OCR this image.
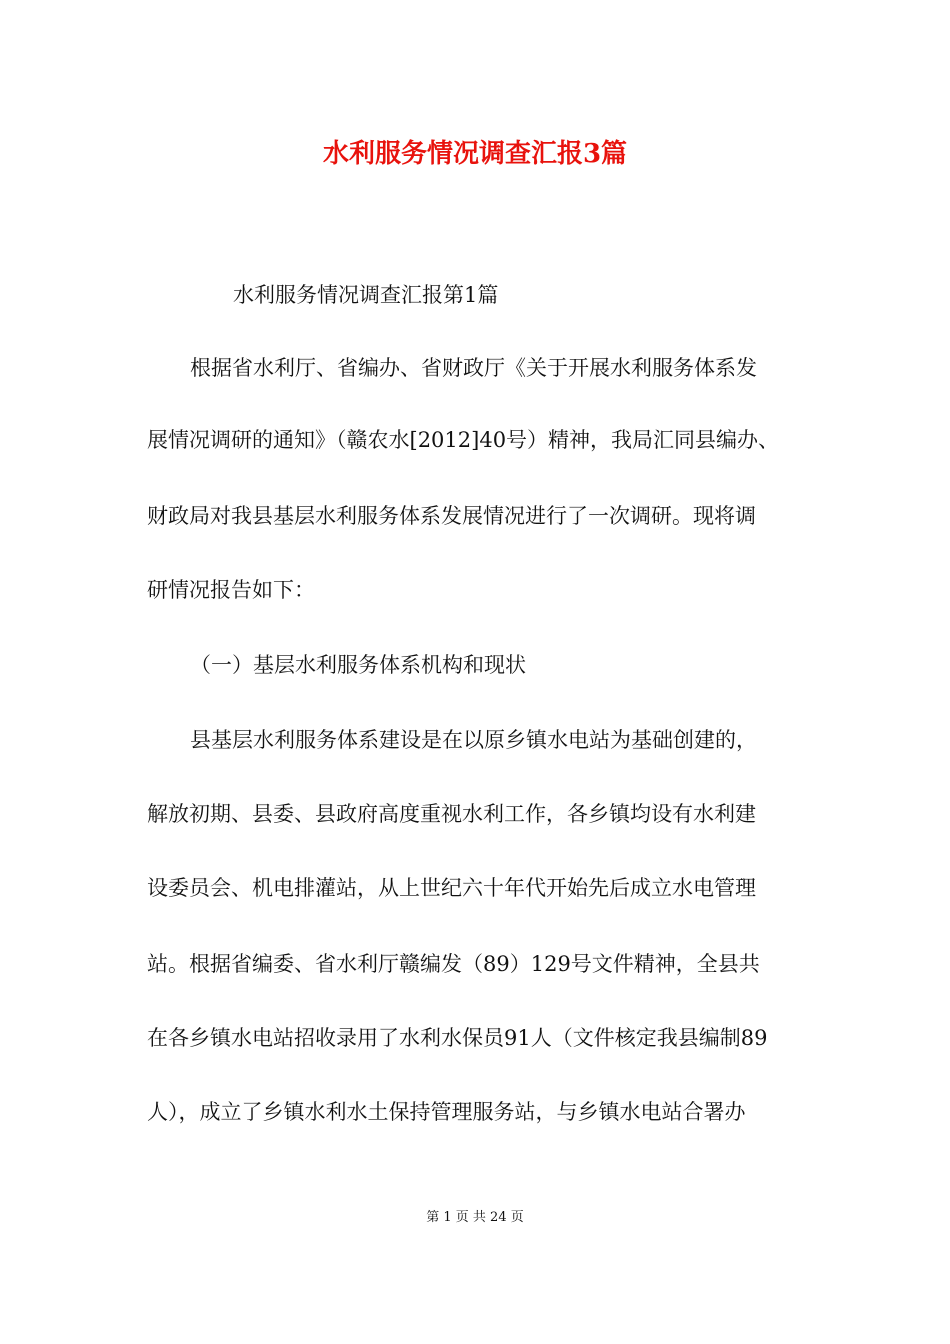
水利服务情况调查汇报3篇
水利服务情况调查汇报第1篇
根据省水利厅、省编办、省财政厅《关于开展水利服务体系发
展情况调研的通知》（赣农水[2012]40号）精神，我局汇同县编办、
财政局对我县基层水利服务体系发展情况进行了一次调研。现将调
研情况报告如下：
（一）基层水利服务体系机构和现状
县基层水利服务体系建设是在以原乡镇水电站为基础创建的，
解放初期、县委、县政府高度重视水利工作，各乡镇均设有水利建
设委员会、机电排灌站，从上世纪六十年代开始先后成立水电管理
站。根据省编委、省水利厅赣编发（89）129号文件精神，全县共
在各乡镇水电站招收录用了水利水保员91人（文件核定我县编制89
人），成立了乡镇水利水土保持管理服务站，与乡镇水电站合署办
第 1 页 共 24 页
